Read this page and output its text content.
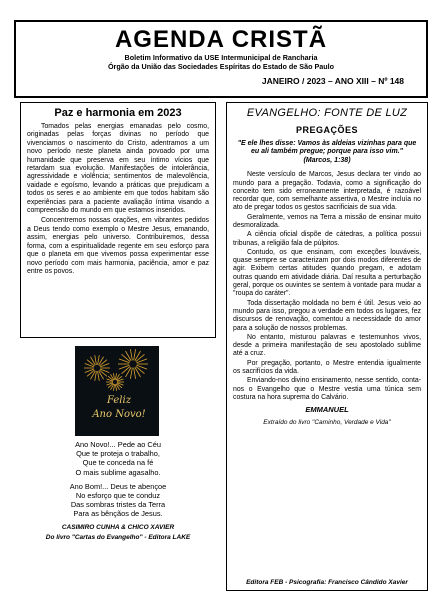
AGENDA CRISTÃ
Boletim Informativo da USE Intermunicipal de Rancharia
Órgão da União das Sociedades Espíritas do Estado de São Paulo
JANEIRO / 2023 – ANO XIII – Nº 148
Paz e harmonia em 2023

Tomados pelas energias emanadas pelo cosmo, originadas pelas forças divinas no período que vivenciamos o nascimento do Cristo, adentramos a um novo período neste planeta ainda povoado por uma humanidade que preserva em seu íntimo vícios que retardam sua evolução. Manifestações de intolerância, agressividade e violência; sentimentos de malevolência, vaidade e egoísmo, levando a práticas que prejudicam a todos os seres e ao ambiente em que todos habitam são experiências para a paciente avaliação íntima visando a compreensão do mundo em que estamos inseridos.

Concentremos nossas orações, em vibrantes pedidos a Deus tendo como exemplo o Mestre Jesus, emanando, assim, energias pelo universo. Contribuiremos, dessa forma, com a espiritualidade regente em seu esforço para que o planeta em que vivemos possa experimentar esse novo período com mais harmonia, paciência, amor e paz entre os povos.

Feliz
Ano Novo!
Ano Novo!... Pede ao Céu
Que te proteja o trabalho,
Que te conceda na fé
O mais sublime agasalho.
Ano Bom!... Deus te abençoe
No esforço que te conduz
Das sombras tristes da Terra
Para as bênçãos de Jesus.
CASIMIRO CUNHA & CHICO XAVIER
Do livro "Cartas do Evangelho" - Editora LAKE
EVANGELHO: FONTE DE LUZ
PREGAÇÕES
"E ele lhes disse: Vamos às aldeias vizinhas para que eu ali também pregue; porque para isso vim." (Marcos, 1:38)

Neste versículo de Marcos, Jesus declara ter vindo ao mundo para a pregação. Todavia, como a significação do conceito tem sido erroneamente interpretada, é razoável recordar que, com semelhante assertiva, o Mestre incluía no ato de pregar todos os gestos sacrificiais de sua vida.

Geralmente, vemos na Terra a missão de ensinar muito desmoralizada.

A ciência oficial dispõe de cátedras, a política possui tribunas, a religião fala de púlpitos.

Contudo, os que ensinam, com exceções louváveis, quase sempre se caracterizam por dois modos diferentes de agir. Exibem certas atitudes quando pregam, e adotam outras quando em atividade diária. Daí resulta a perturbação geral, porque os ouvintes se sentem à vontade para mudar a "roupa do caráter".

Toda dissertação moldada no bem é útil. Jesus veio ao mundo para isso, pregou a verdade em todos os lugares, fez discursos de renovação, comentou a necessidade do amor para a solução de nossos problemas.

No entanto, misturou palavras e testemunhos vivos, desde a primeira manifestação de seu apostolado sublime até a cruz.

Por pregação, portanto, o Mestre entendia igualmente os sacrifícios da vida.

Enviando-nos divino ensinamento, nesse sentido, conta-nos o Evangelho que o Mestre vestia uma túnica sem costura na hora suprema do Calvário.

EMMANUEL

Extraído do livro "Caminho, Verdade e Vida"

Editora FEB - Psicografia: Francisco Cândido Xavier
